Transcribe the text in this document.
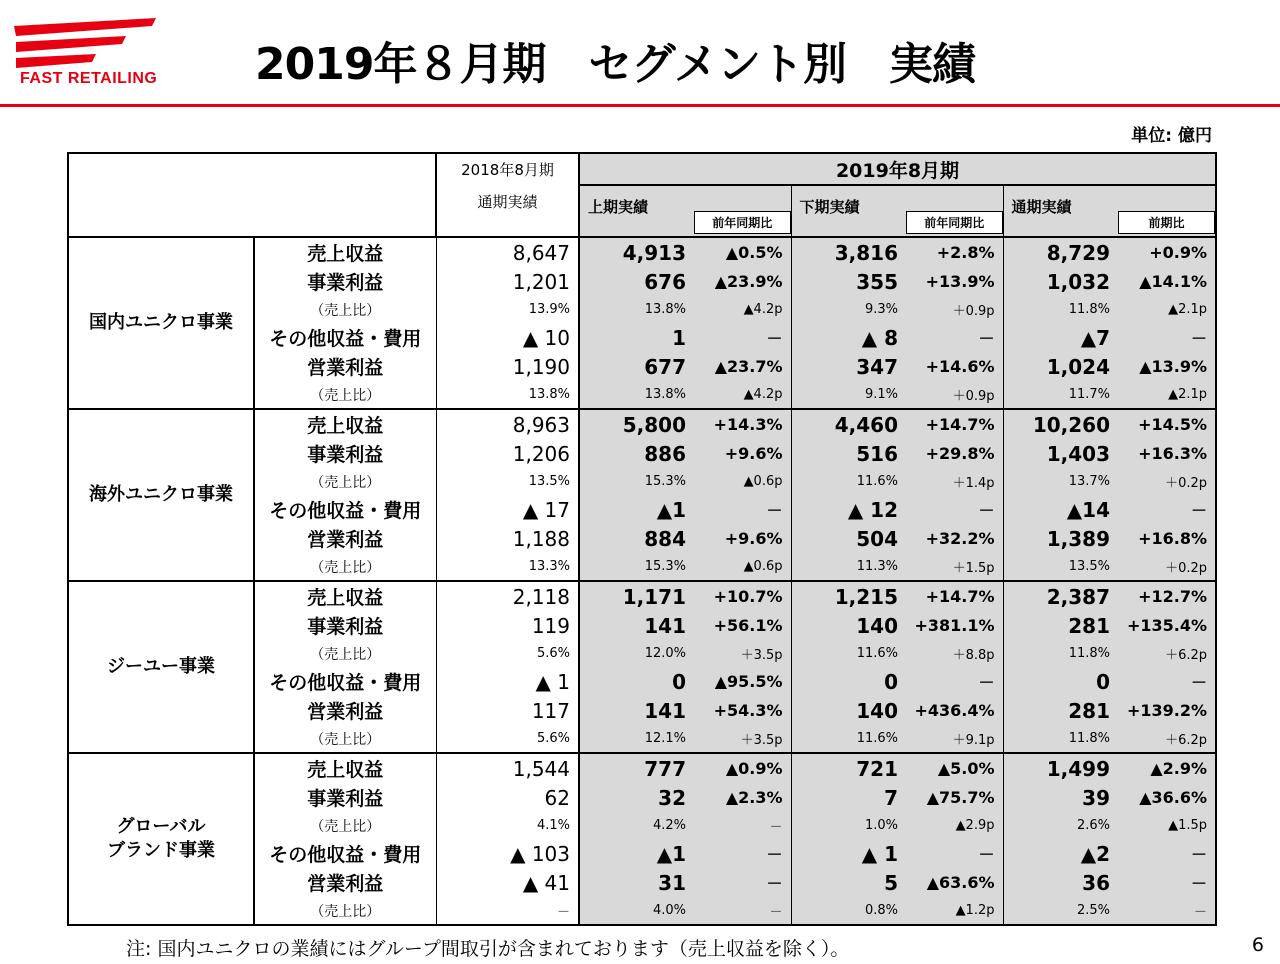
FAST RETAILING 2019年８月期　セグメント別　実績
単位: 億円
		2018年8月期	2019年8月期					
		通期実績	上期実績	前年同期比	下期実績	前年同期比	通期実績	前期比

国内ユニクロ事業	売上収益	8,647	4,913	▲0.5%	3,816	+2.8%	8,729	+0.9%
	事業利益	1,201	676	▲23.9%	355	+13.9%	1,032	▲14.1%
	（売上比）	13.9%	13.8%	▲4.2p	9.3%	＋0.9p	11.8%	▲2.1p
	その他収益・費用	▲ 10	1	－	▲ 8	－	▲7	－
	営業利益	1,190	677	▲23.7%	347	+14.6%	1,024	▲13.9%
	（売上比）	13.8%	13.8%	▲4.2p	9.1%	＋0.9p	11.7%	▲2.1p
海外ユニクロ事業	売上収益	8,963	5,800	+14.3%	4,460	+14.7%	10,260	+14.5%
	事業利益	1,206	886	+9.6%	516	+29.8%	1,403	+16.3%
	（売上比）	13.5%	15.3%	▲0.6p	11.6%	＋1.4p	13.7%	＋0.2p
	その他収益・費用	▲ 17	▲1	－	▲ 12	－	▲14	－
	営業利益	1,188	884	+9.6%	504	+32.2%	1,389	+16.8%
	（売上比）	13.3%	15.3%	▲0.6p	11.3%	＋1.5p	13.5%	＋0.2p
ジーユー事業	売上収益	2,118	1,171	+10.7%	1,215	+14.7%	2,387	+12.7%
	事業利益	119	141	+56.1%	140	+381.1%	281	+135.4%
	（売上比）	5.6%	12.0%	＋3.5p	11.6%	＋8.8p	11.8%	＋6.2p
	その他収益・費用	▲ 1	0	▲95.5%	0	－	0	－
	営業利益	117	141	+54.3%	140	+436.4%	281	+139.2%
	（売上比）	5.6%	12.1%	＋3.5p	11.6%	＋9.1p	11.8%	＋6.2p
グローバル
ブランド事業	売上収益	1,544	777	▲0.9%	721	▲5.0%	1,499	▲2.9%
	事業利益	62	32	▲2.3%	7	▲75.7%	39	▲36.6%
	（売上比）	4.1%	4.2%	－	1.0%	▲2.9p	2.6%	▲1.5p
	その他収益・費用	▲ 103	▲1	－	▲ 1	－	▲2	－
	営業利益	▲ 41	31	－	5	▲63.6%	36	－
	（売上比）	－	4.0%	－	0.8%	▲1.2p	2.5%	－
注: 国内ユニクロの業績にはグループ間取引が含まれております（売上収益を除く）。	6
